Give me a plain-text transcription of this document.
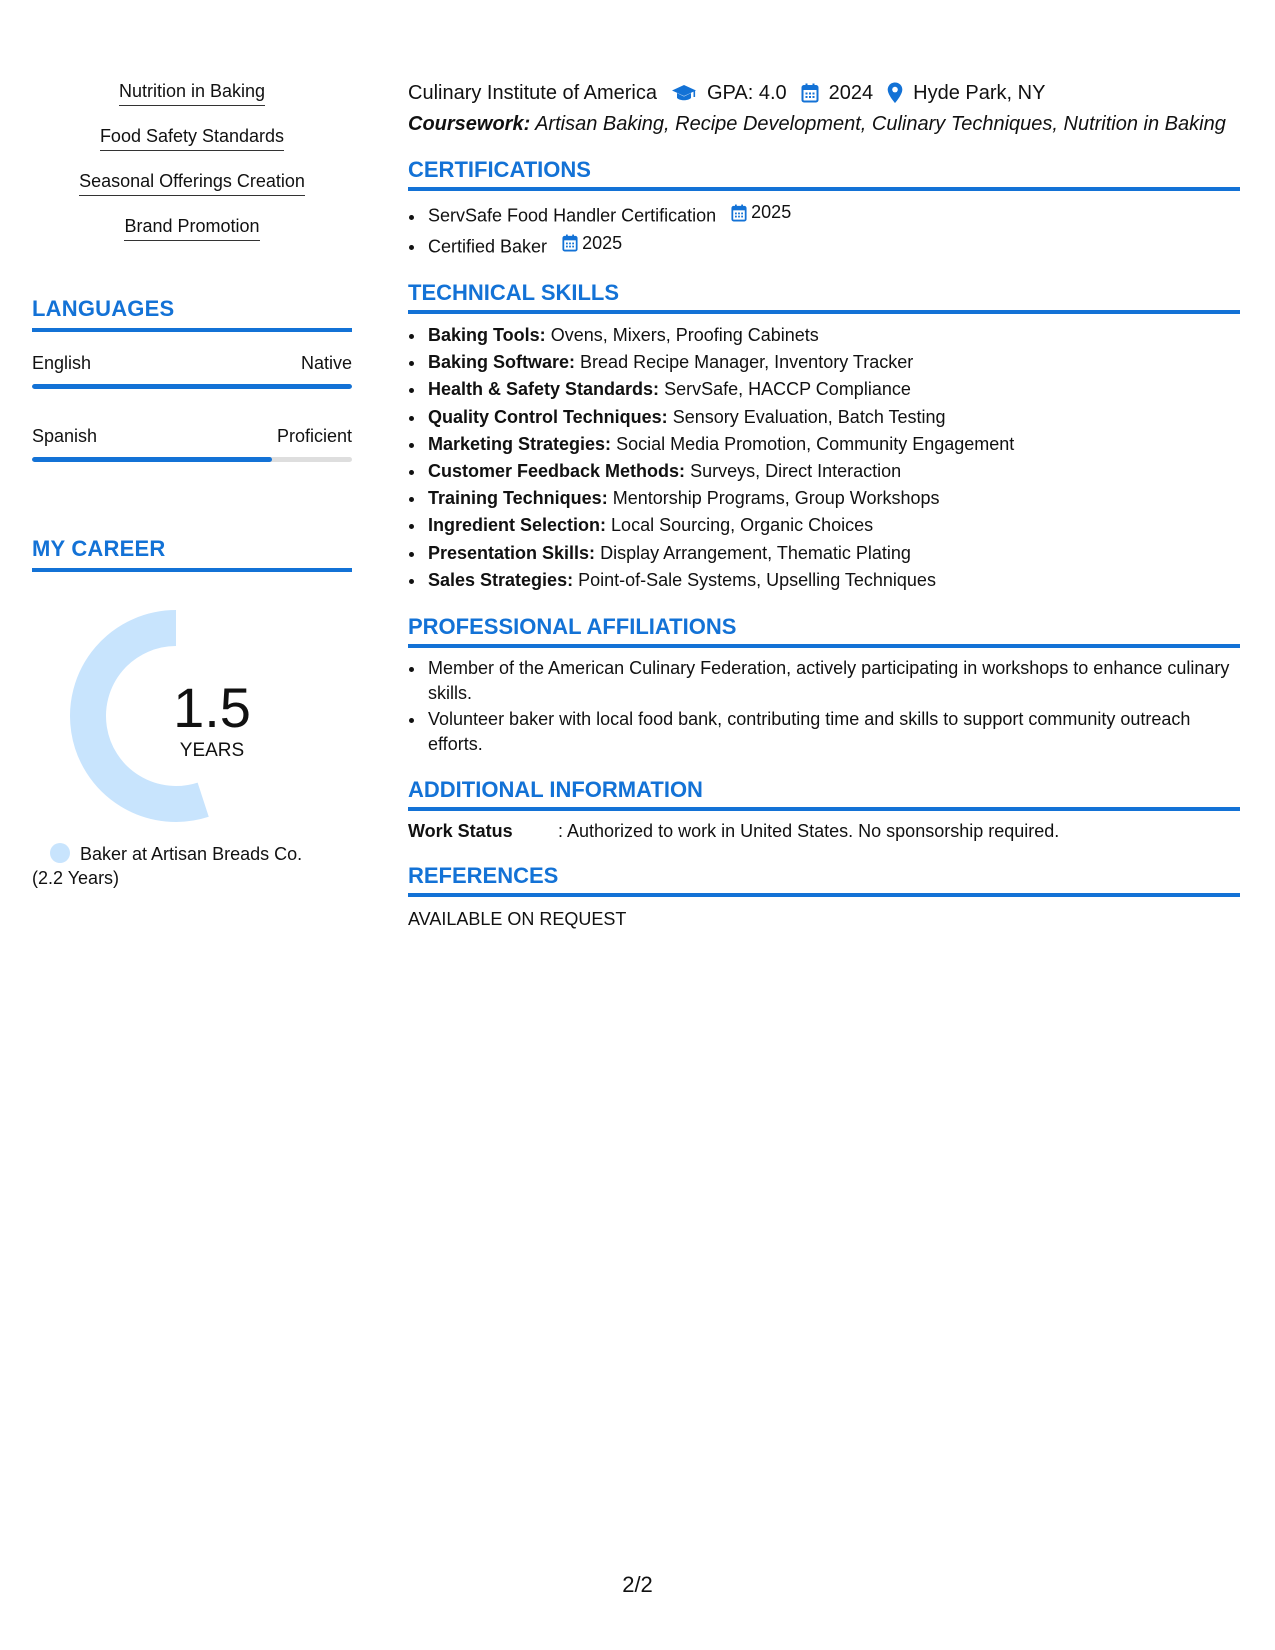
Nutrition in Baking
Food Safety Standards
Seasonal Offerings Creation
Brand Promotion
LANGUAGES
English	Native
Spanish	Proficient
MY CAREER
1.5
YEARS
Baker at Artisan Breads Co.
(2.2 Years)
Culinary Institute of America	GPA: 4.0 2024 Hyde Park, NY
Coursework: Artisan Baking, Recipe Development, Culinary Techniques, Nutrition in Baking
CERTIFICATIONS
• ServSafe Food Handler Certification 2025
• Certified Baker 2025
TECHNICAL SKILLS
• Baking Tools: Ovens, Mixers, Proofing Cabinets
• Baking Software: Bread Recipe Manager, Inventory Tracker
• Health & Safety Standards: ServSafe, HACCP Compliance
• Quality Control Techniques: Sensory Evaluation, Batch Testing
• Marketing Strategies: Social Media Promotion, Community Engagement
• Customer Feedback Methods: Surveys, Direct Interaction
• Training Techniques: Mentorship Programs, Group Workshops
• Ingredient Selection: Local Sourcing, Organic Choices
• Presentation Skills: Display Arrangement, Thematic Plating
• Sales Strategies: Point-of-Sale Systems, Upselling Techniques
PROFESSIONAL AFFILIATIONS
• Member of the American Culinary Federation, actively participating in workshops to enhance culinary skills.
• Volunteer baker with local food bank, contributing time and skills to support community outreach efforts.
ADDITIONAL INFORMATION
Work Status	: Authorized to work in United States. No sponsorship required.
REFERENCES
AVAILABLE ON REQUEST
2/2
